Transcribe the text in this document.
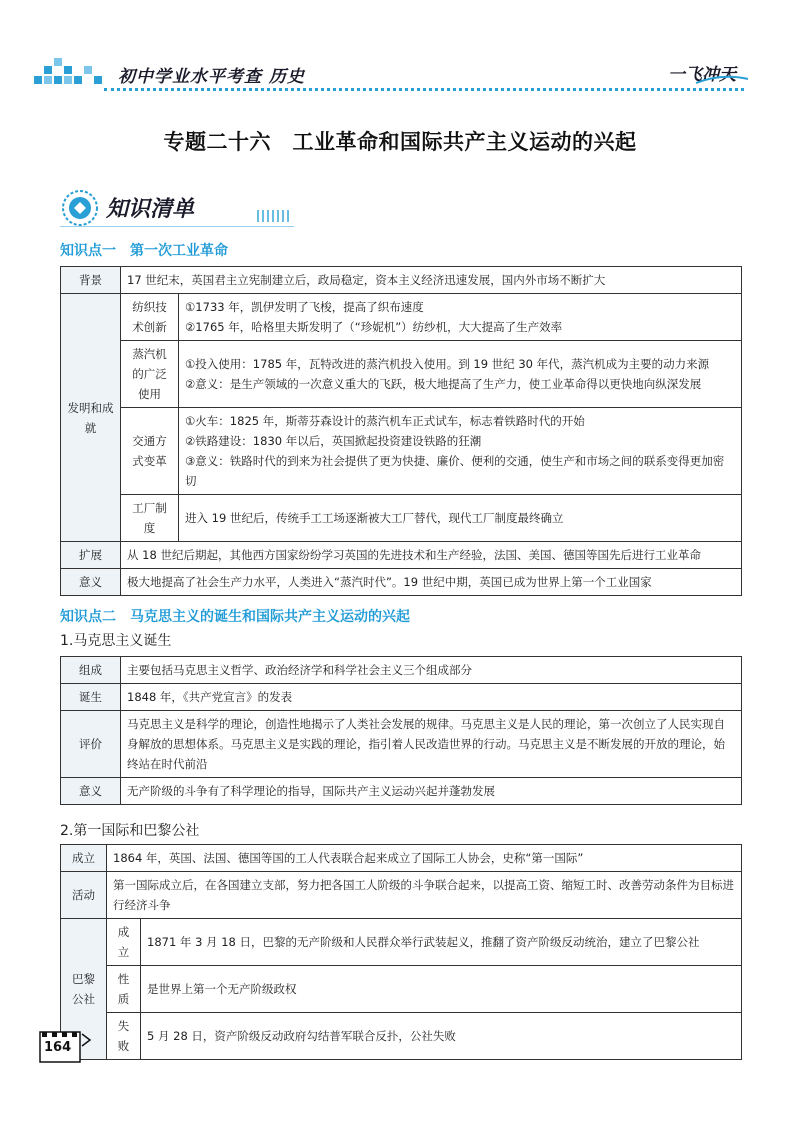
初中学业水平考查 历史	一飞冲天
专题二十六　工业革命和国际共产主义运动的兴起
知识清单
知识点一　第一次工业革命
背景	17 世纪末，英国君主立宪制建立后，政局稳定，资本主义经济迅速发展，国内外市场不断扩大	
发明和成就	纺织技术创新	①1733 年，凯伊发明了飞梭，提高了织布速度
②1765 年，哈格里夫斯发明了（“珍妮机”）纺纱机，大大提高了生产效率

	蒸汽机的广泛使用	①投入使用：1785 年，瓦特改进的蒸汽机投入使用。到 19 世纪 30 年代，蒸汽机成为主要的动力来源
②意义：是生产领域的一次意义重大的飞跃，极大地提高了生产力，使工业革命得以更快地向纵深发展

	交通方式变革	①火车：1825 年，斯蒂芬森设计的蒸汽机车正式试车，标志着铁路时代的开始
②铁路建设：1830 年以后，英国掀起投资建设铁路的狂潮
③意义：铁路时代的到来为社会提供了更为快捷、廉价、便利的交通，使生产和市场之间的联系变得更加密切

	工厂制度	进入 19 世纪后，传统手工工场逐渐被大工厂替代，现代工厂制度最终确立
扩展	从 18 世纪后期起，其他西方国家纷纷学习英国的先进技术和生产经验，法国、美国、德国等国先后进行工业革命	
意义	极大地提高了社会生产力水平，人类进入“蒸汽时代”。19 世纪中期，英国已成为世界上第一个工业国家	
知识点二　马克思主义的诞生和国际共产主义运动的兴起
1.马克思主义诞生
组成	主要包括马克思主义哲学、政治经济学和科学社会主义三个组成部分
诞生	1848 年，《共产党宣言》的发表
评价	马克思主义是科学的理论，创造性地揭示了人类社会发展的规律。马克思主义是人民的理论，第一次创立了人民实现自身解放的思想体系。马克思主义是实践的理论，指引着人民改造世界的行动。马克思主义是不断发展的开放的理论，始终站在时代前沿
意义	无产阶级的斗争有了科学理论的指导，国际共产主义运动兴起并蓬勃发展
2.第一国际和巴黎公社
成立	1864 年，英国、法国、德国等国的工人代表联合起来成立了国际工人协会，史称“第一国际”	
活动	第一国际成立后，在各国建立支部，努力把各国工人阶级的斗争联合起来，以提高工资、缩短工时、改善劳动条件为目标进行经济斗争	
巴黎公社	成立	1871 年 3 月 18 日，巴黎的无产阶级和人民群众举行武装起义，推翻了资产阶级反动统治，建立了巴黎公社
	性质	是世界上第一个无产阶级政权
	失败	5 月 28 日，资产阶级反动政府勾结普军联合反扑，公社失败
164
